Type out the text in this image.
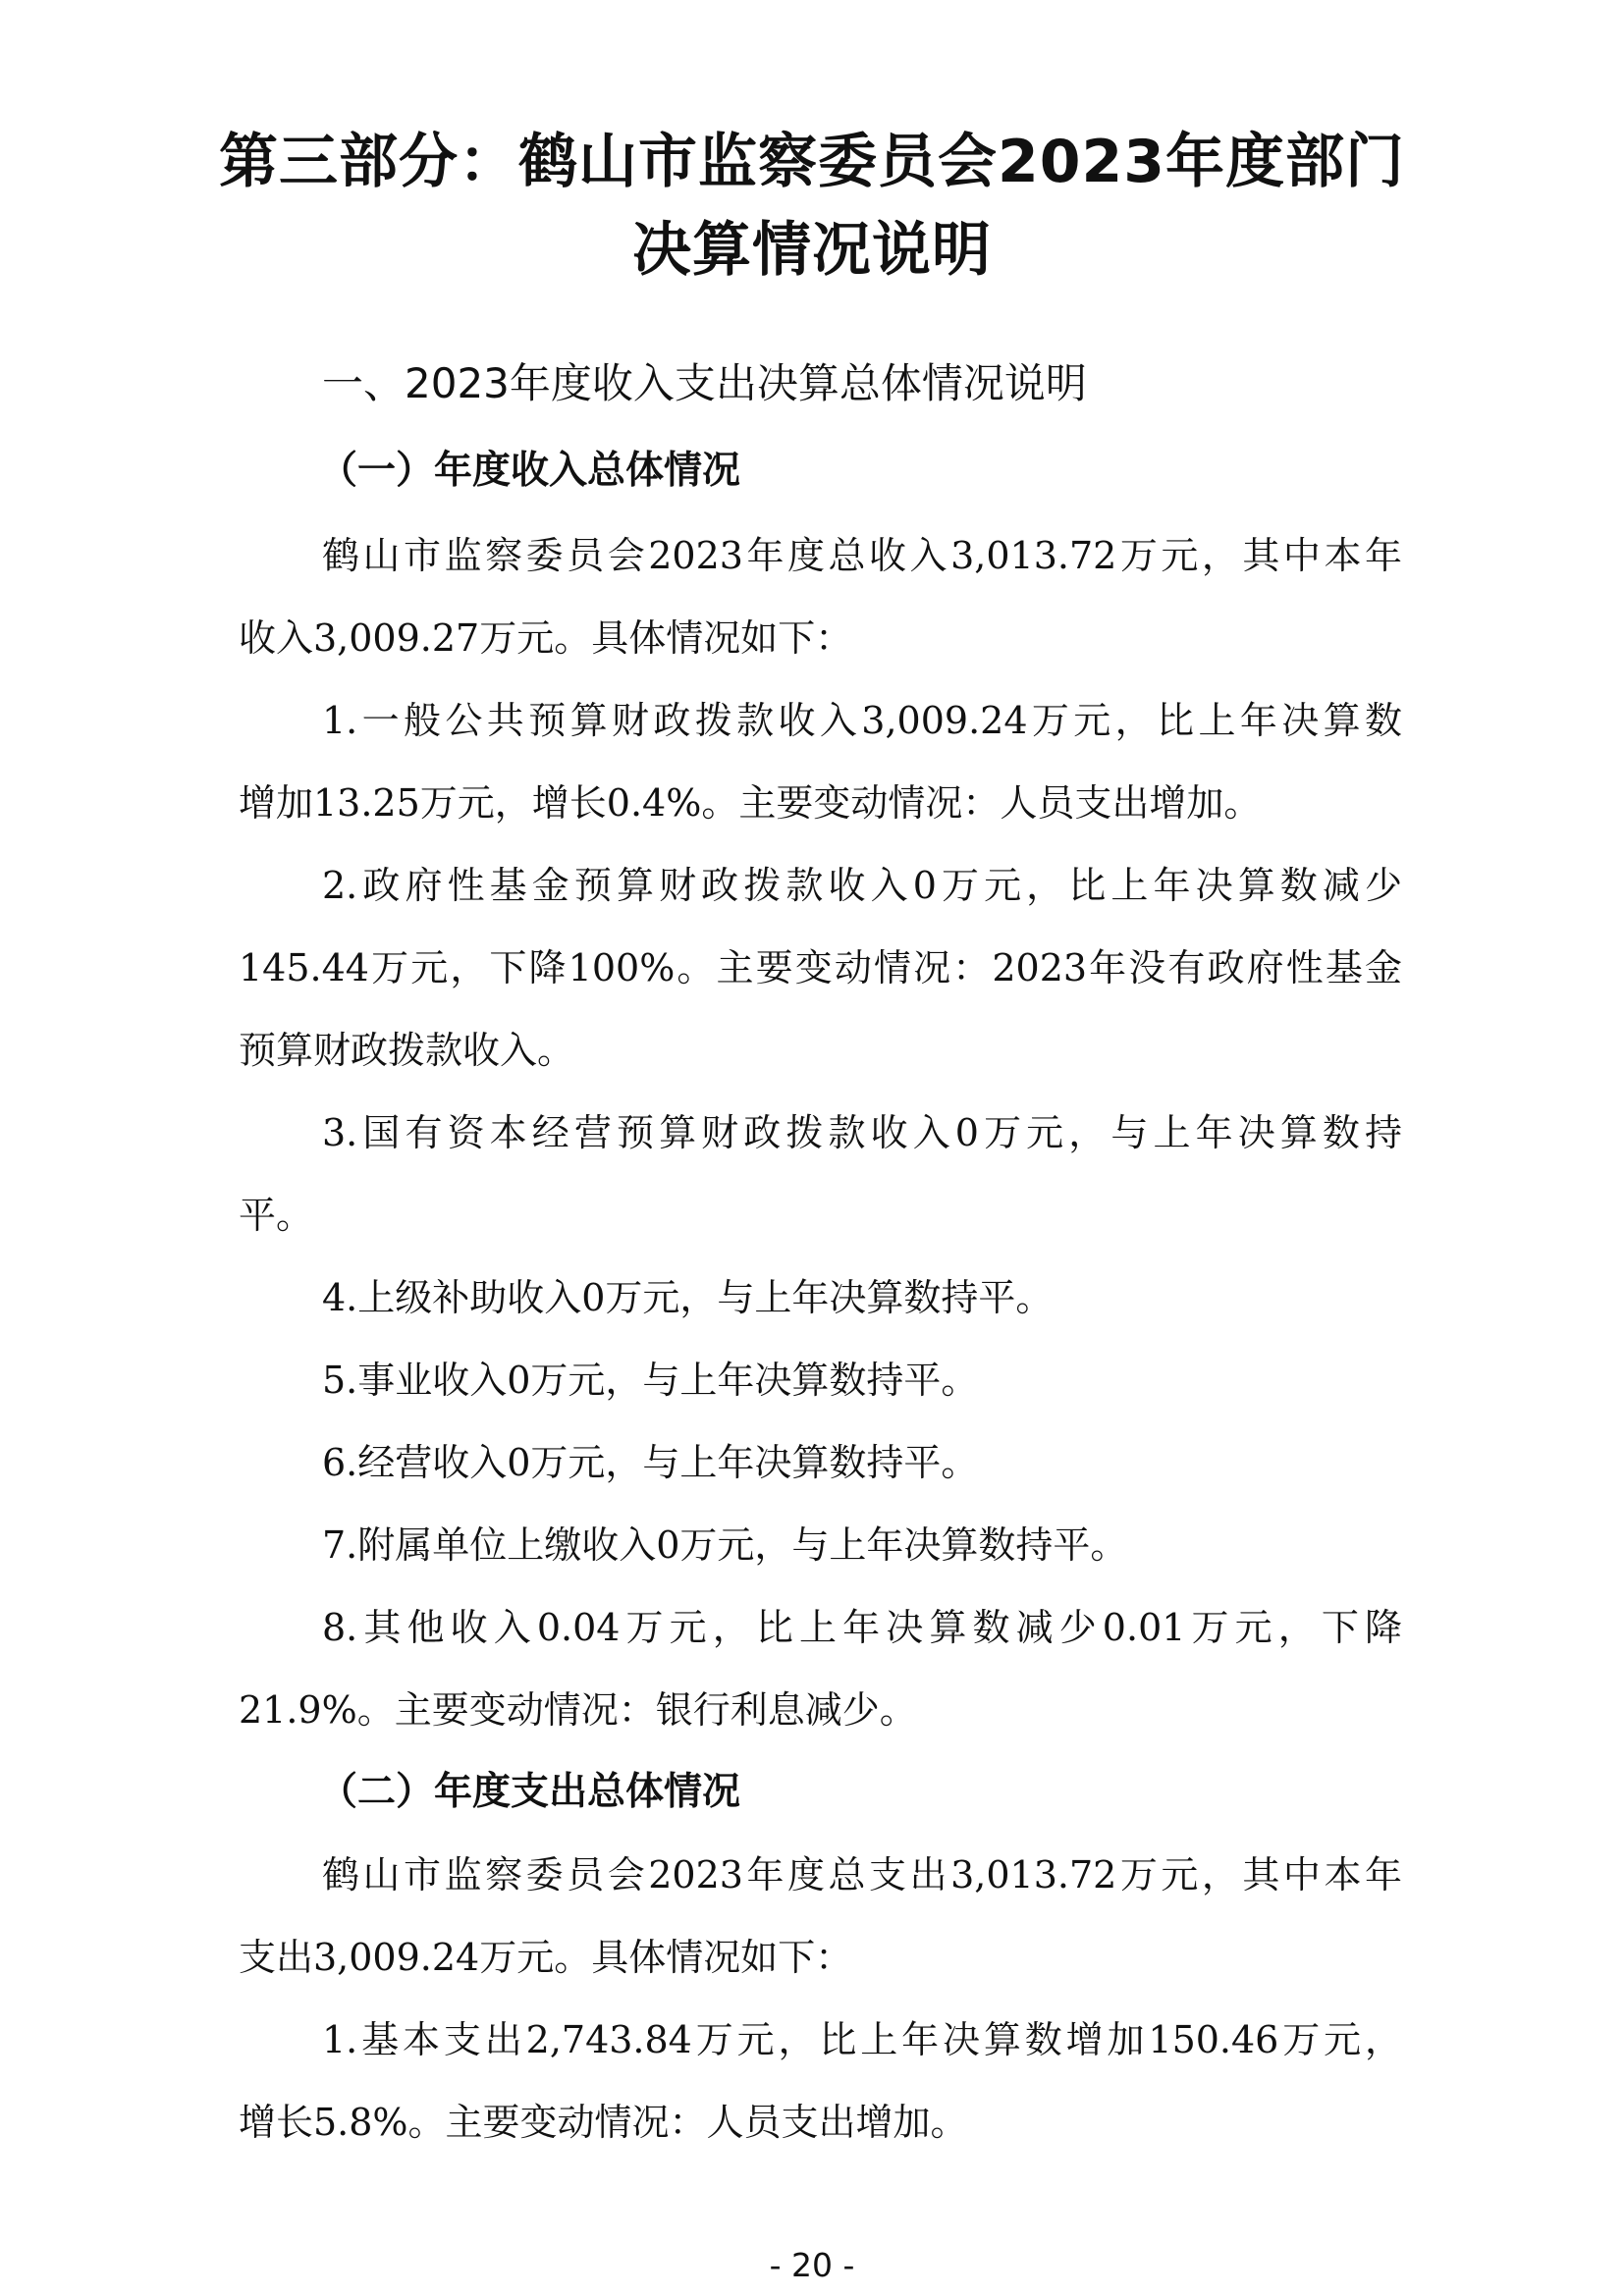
第三部分：鹤山市监察委员会2023年度部门
决算情况说明
一、2023年度收入支出决算总体情况说明
（一）年度收入总体情况
鹤山市监察委员会2023年度总收入3,013.72万元，其中本年
收入3,009.27万元。具体情况如下：
1.一般公共预算财政拨款收入3,009.24万元，比上年决算数
增加13.25万元，增长0.4%。主要变动情况：人员支出增加。
2.政府性基金预算财政拨款收入0万元，比上年决算数减少
145.44万元，下降100%。主要变动情况：2023年没有政府性基金
预算财政拨款收入。
3.国有资本经营预算财政拨款收入0万元，与上年决算数持
平。
4.上级补助收入0万元，与上年决算数持平。
5.事业收入0万元，与上年决算数持平。
6.经营收入0万元，与上年决算数持平。
7.附属单位上缴收入0万元，与上年决算数持平。
8.其他收入0.04万元，比上年决算数减少0.01万元，下降
21.9%。主要变动情况：银行利息减少。
（二）年度支出总体情况
鹤山市监察委员会2023年度总支出3,013.72万元，其中本年
支出3,009.24万元。具体情况如下：
1.基本支出2,743.84万元，比上年决算数增加150.46万元，
增长5.8%。主要变动情况：人员支出增加。
- 20 -
